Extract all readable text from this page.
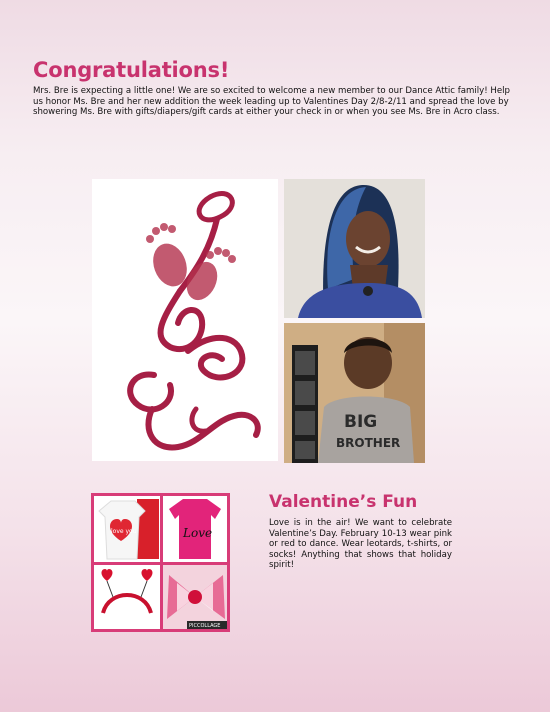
Congratulations!

Mrs. Bre is expecting a little one! We are so excited to welcome a new member to our Dance Attic family! Help us honor Ms. Bre and her new addition the week leading up to Valentines Day 2/8-2/11 and spread the love by showering Ms. Bre with gifts/diapers/gift cards at either your check in or when you see Ms. Bre in Acro class.

BIG
BROTHER
love you	Love
PICCOLLAGE
Valentine’s Fun

Love is in the air! We want to celebrate Valentine’s Day. February 10-13 wear pink or red to dance. Wear leotards, t-shirts, or socks! Anything that shows that holiday spirit!
